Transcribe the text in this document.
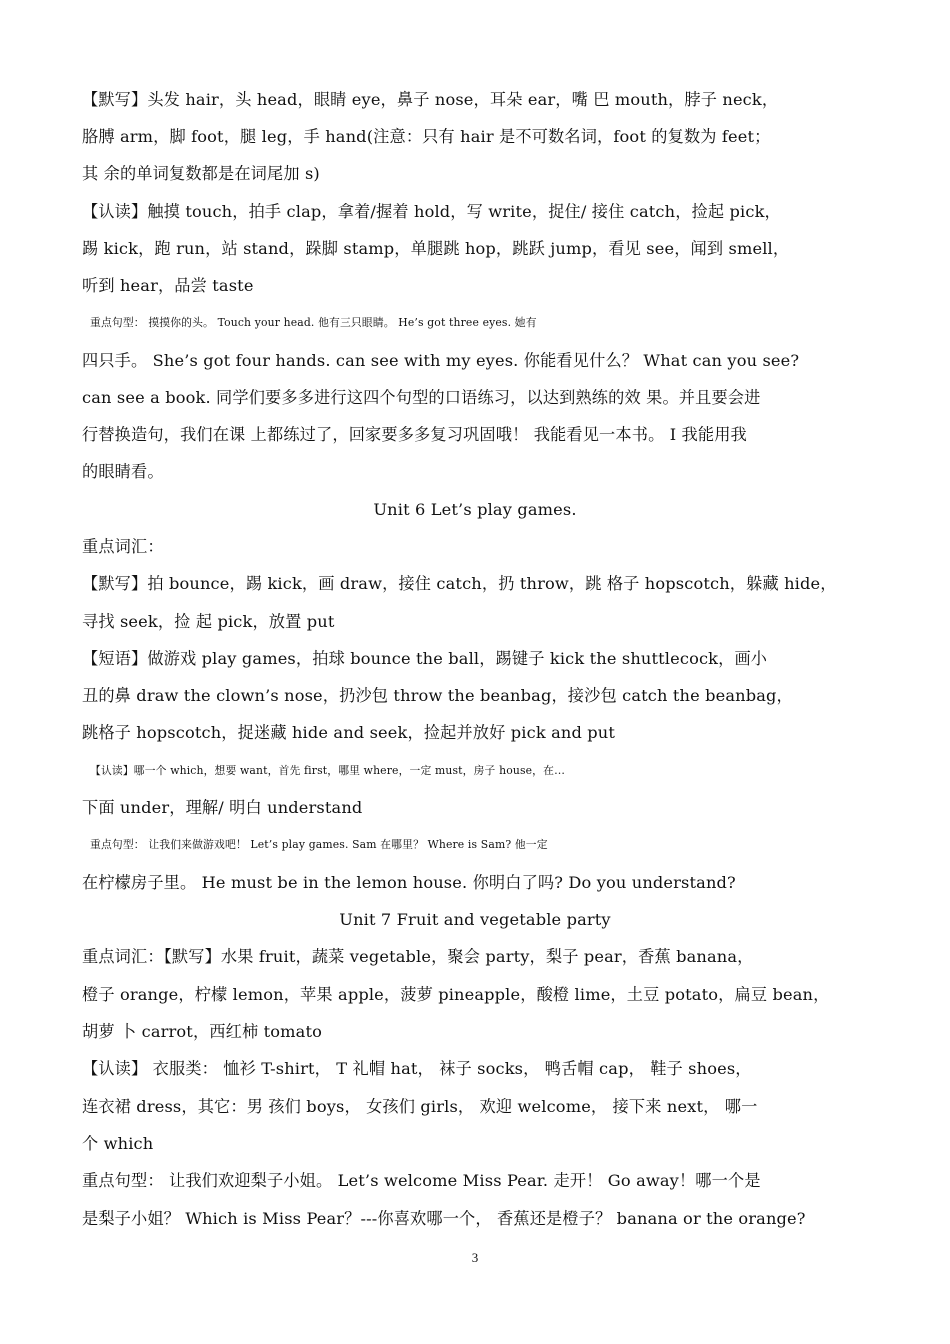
【默写】头发 hair，头 head，眼睛 eye，鼻子 nose，耳朵 ear，嘴 巴 mouth，脖子 neck，
胳膊 arm，脚 foot，腿 leg，手 hand(注意：只有 hair 是不可数名词，foot 的复数为 feet；
其 余的单词复数都是在词尾加 s)
【认读】触摸 touch，拍手 clap，拿着/握着 hold，写 write，捉住/ 接住 catch，捡起 pick，
踢 kick，跑 run，站 stand，跺脚 stamp，单腿跳 hop，跳跃 jump，看见 see，闻到 smell，
听到 hear，品尝 taste
重点句型： 摸摸你的头。 Touch your head. 他有三只眼睛。 He’s got three eyes. 她有
四只手。 She’s got four hands. can see with my eyes. 你能看见什么？ What can you see?
can see a book. 同学们要多多进行这四个句型的口语练习，以达到熟练的效 果。并且要会进
行替换造句，我们在课 上都练过了，回家要多多复习巩固哦！ 我能看见一本书。 I 我能用我
的眼睛看。
Unit 6 Let’s play games.
重点词汇：
【默写】拍 bounce，踢 kick，画 draw，接住 catch，扔 throw，跳 格子 hopscotch，躲藏 hide，
寻找 seek，捡 起 pick，放置 put
【短语】做游戏 play games，拍球 bounce the ball，踢键子 kick the shuttlecock，画小
丑的鼻 draw the clown’s nose，扔沙包 throw the beanbag，接沙包 catch the beanbag，
跳格子 hopscotch，捉迷藏 hide and seek，捡起并放好 pick and put
【认读】哪一个 which，想要 want，首先 first，哪里 where，一定 must，房子 house，在…
下面 under，理解/ 明白 understand
重点句型： 让我们来做游戏吧！ Let’s play games. Sam 在哪里？ Where is Sam? 他一定
在柠檬房子里。 He must be in the lemon house. 你明白了吗? Do you understand?
Unit 7 Fruit and vegetable party
重点词汇：【默写】水果 fruit，蔬菜 vegetable，聚会 party，梨子 pear，香蕉 banana，
橙子 orange，柠檬 lemon，苹果 apple，菠萝 pineapple，酸橙 lime，土豆 potato，扁豆 bean，
胡萝 卜 carrot，西红柿 tomato
【认读】 衣服类： 恤衫 T-shirt， T 礼帽 hat， 袜子 socks， 鸭舌帽 cap， 鞋子 shoes，
连衣裙 dress，其它：男 孩们 boys， 女孩们 girls， 欢迎 welcome， 接下来 next， 哪一
个 which
重点句型： 让我们欢迎梨子小姐。 Let’s welcome Miss Pear. 走开！ Go away！哪一个是
是梨子小姐？ Which is Miss Pear？---你喜欢哪一个， 香蕉还是橙子？ banana or the orange?
3
